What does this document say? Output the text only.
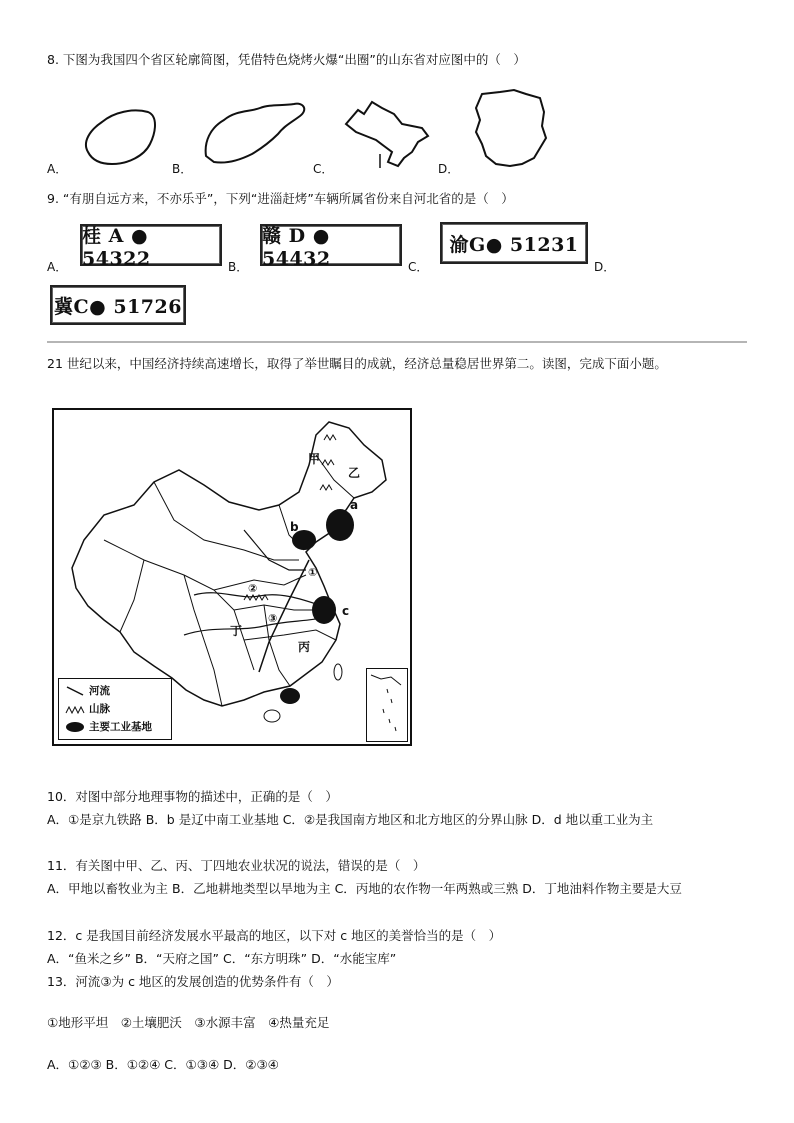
8. 下图为我国四个省区轮廓简图，凭借特色烧烤火爆“出圈”的山东省对应图中的（　）
A．	B．	C．	D．
9. “有朋自远方来，不亦乐乎”，下列“进淄赶烤”车辆所属省份来自河北省的是（　）
A．
桂 A ● 54322	B．
赣 D ● 54432	C．
渝G● 51231
D．
冀C● 51726
21 世纪以来，中国经济持续高速增长，取得了举世瞩目的成就，经济总量稳居世界第二。读图，完成下面小题。
甲
乙
a
b
①
②
c
丁
③
丙
河流
山脉
主要工业基地
10．对图中部分地理事物的描述中，正确的是（　）
A．①是京九铁路 B．b 是辽中南工业基地 C．②是我国南方地区和北方地区的分界山脉 D．d 地以重工业为主
11．有关图中甲、乙、丙、丁四地农业状况的说法，错误的是（　）
A．甲地以畜牧业为主 B．乙地耕地类型以旱地为主 C．丙地的农作物一年两熟或三熟 D．丁地油料作物主要是大豆
12．c 是我国目前经济发展水平最高的地区，以下对 c 地区的美誉恰当的是（　）
A．“鱼米之乡” B．“天府之国” C．“东方明珠” D．“水能宝库”
13．河流③为 c 地区的发展创造的优势条件有（　）
①地形平坦　②土壤肥沃　③水源丰富　④热量充足
A．①②③ B．①②④ C．①③④ D．②③④
